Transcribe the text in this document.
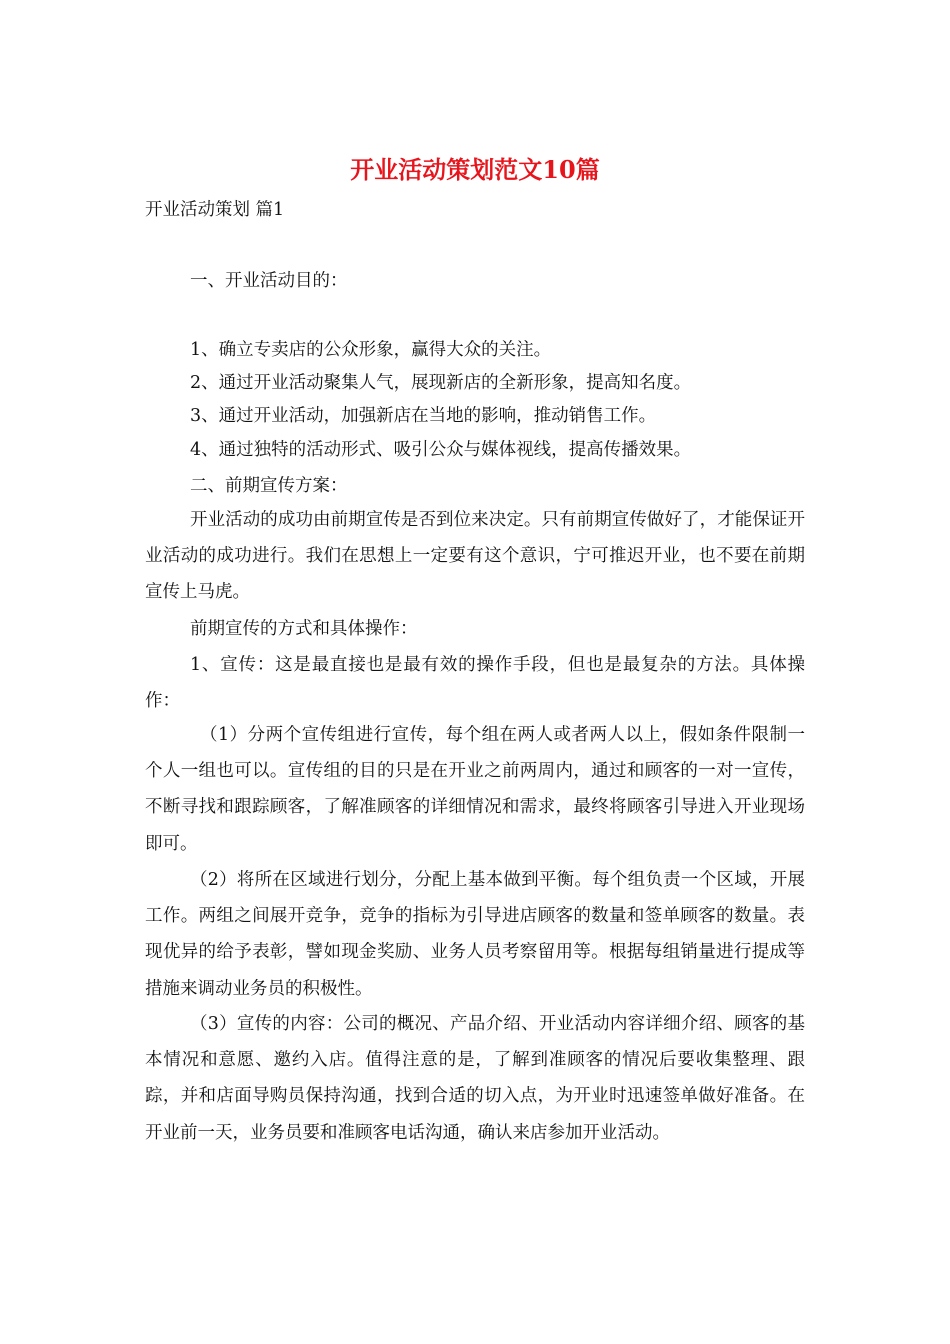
开业活动策划范文10篇

开业活动策划 篇1

一、开业活动目的：

1、确立专卖店的公众形象，赢得大众的关注。

2、通过开业活动聚集人气，展现新店的全新形象，提高知名度。

3、通过开业活动，加强新店在当地的影响，推动销售工作。

4、通过独特的活动形式、吸引公众与媒体视线，提高传播效果。

二、前期宣传方案：

开业活动的成功由前期宣传是否到位来决定。只有前期宣传做好了，才能保证开业活动的成功进行。我们在思想上一定要有这个意识，宁可推迟开业，也不要在前期宣传上马虎。

前期宣传的方式和具体操作：

1、宣传：这是最直接也是最有效的操作手段，但也是最复杂的方法。具体操作：

（1）分两个宣传组进行宣传，每个组在两人或者两人以上，假如条件限制一个人一组也可以。宣传组的目的只是在开业之前两周内，通过和顾客的一对一宣传，不断寻找和跟踪顾客，了解准顾客的详细情况和需求，最终将顾客引导进入开业现场即可。

（2）将所在区域进行划分，分配上基本做到平衡。每个组负责一个区域，开展工作。两组之间展开竞争，竞争的指标为引导进店顾客的数量和签单顾客的数量。表现优异的给予表彰，譬如现金奖励、业务人员考察留用等。根据每组销量进行提成等措施来调动业务员的积极性。

（3）宣传的内容：公司的概况、产品介绍、开业活动内容详细介绍、顾客的基本情况和意愿、邀约入店。值得注意的是，了解到准顾客的情况后要收集整理、跟踪，并和店面导购员保持沟通，找到合适的切入点，为开业时迅速签单做好准备。在开业前一天，业务员要和准顾客电话沟通，确认来店参加开业活动。
